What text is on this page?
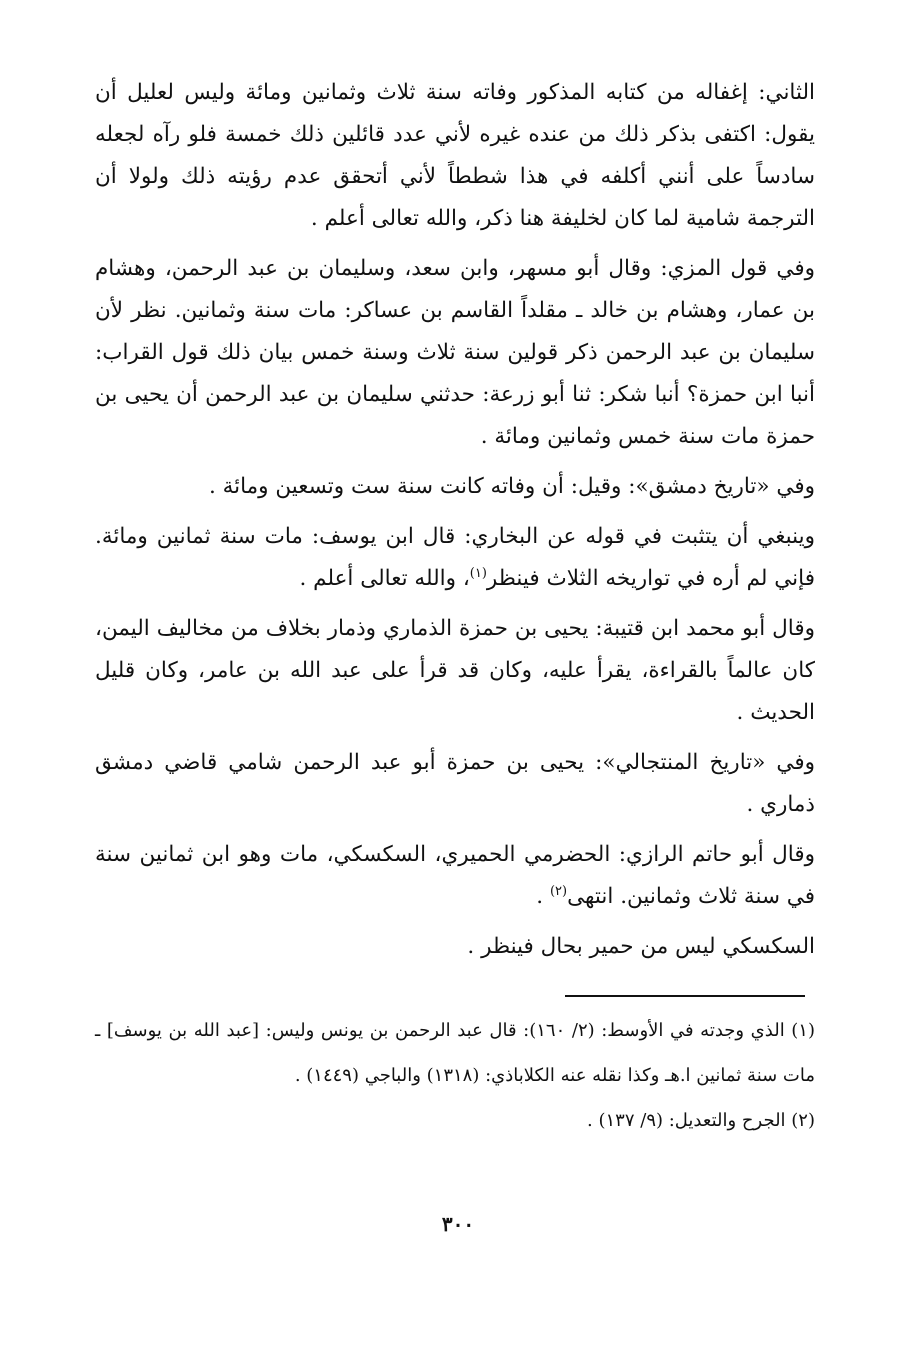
الثاني: إغفاله من كتابه المذكور وفاته سنة ثلاث وثمانين ومائة وليس لعليل أن يقول: اكتفى بذكر ذلك من عنده غيره لأني عدد قائلين ذلك خمسة فلو رآه لجعله سادساً على أنني أكلفه في هذا شططاً لأني أتحقق عدم رؤيته ذلك ولولا أن الترجمة شامية لما كان لخليفة هنا ذكر، والله تعالى أعلم .

وفي قول المزي: وقال أبو مسهر، وابن سعد، وسليمان بن عبد الرحمن، وهشام بن عمار، وهشام بن خالد ـ مقلداً القاسم بن عساكر: مات سنة وثمانين. نظر لأن سليمان بن عبد الرحمن ذكر قولين سنة ثلاث وسنة خمس بيان ذلك قول القراب: أنبا ابن حمزة؟ أنبا شكر: ثنا أبو زرعة: حدثني سليمان بن عبد الرحمن أن يحيى بن حمزة مات سنة خمس وثمانين ومائة .

وفي «تاريخ دمشق»: وقيل: أن وفاته كانت سنة ست وتسعين ومائة .

وينبغي أن يتثبت في قوله عن البخاري: قال ابن يوسف: مات سنة ثمانين ومائة. فإني لم أره في تواريخه الثلاث فينظر$^{(١)}$، والله تعالى أعلم .

وقال أبو محمد ابن قتيبة: يحيى بن حمزة الذماري وذمار بخلاف من مخاليف اليمن، كان عالماً بالقراءة، يقرأ عليه، وكان قد قرأ على عبد الله بن عامر، وكان قليل الحديث .

وفي «تاريخ المنتجالي»: يحيى بن حمزة أبو عبد الرحمن شامي قاضي دمشق ذماري .

وقال أبو حاتم الرازي: الحضرمي الحميري، السكسكي، مات وهو ابن ثمانين سنة في سنة ثلاث وثمانين. انتهى$^{(٢)}$ .

السكسكي ليس من حمير بحال فينظر .

(١) الذي وجدته في الأوسط: (٢/ ١٦٠): قال عبد الرحمن بن يونس وليس: [عبد الله بن يوسف] ـ مات سنة ثمانين ا.هـ وكذا نقله عنه الكلاباذي: (١٣١٨) والباجي (١٤٤٩) .

(٢) الجرح والتعديل: (٩/ ١٣٧) .

٣٠٠
